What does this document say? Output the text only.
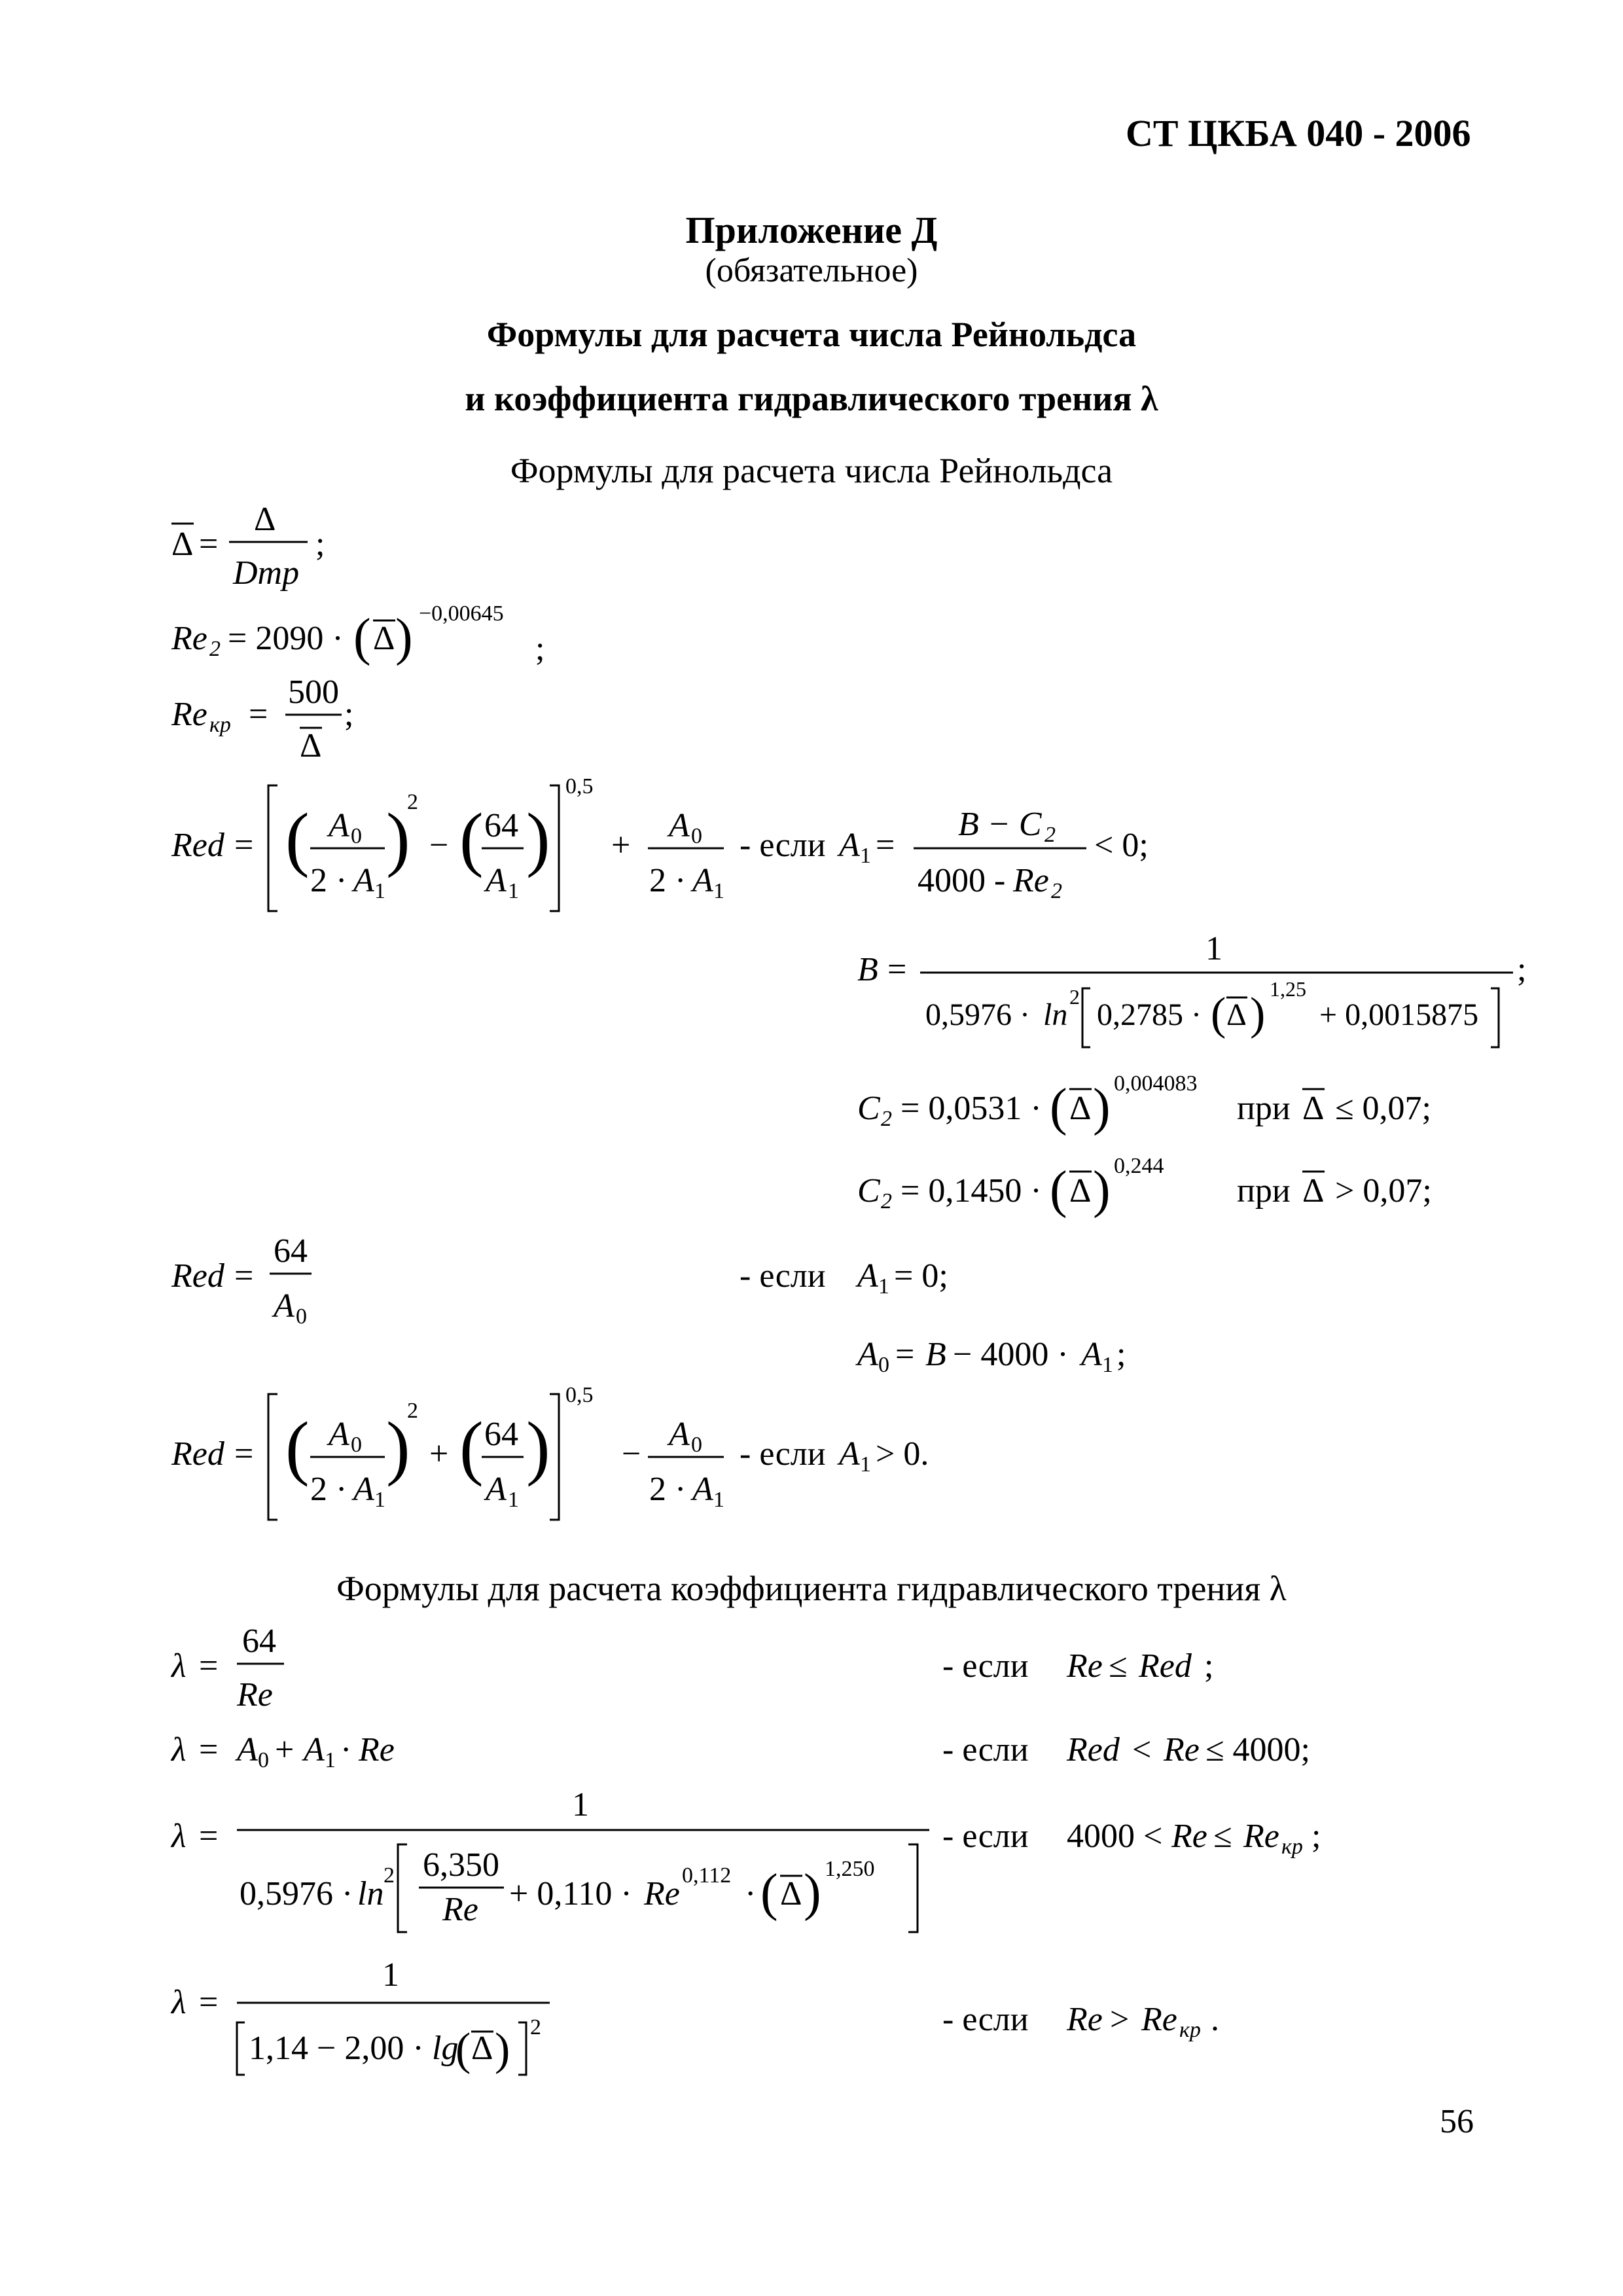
СТ ЦКБА 040 - 2006
Приложение Д
(обязательное)
Формулы для расчета числа Рейнольдса
и коэффициента гидравлического трения λ
Формулы для расчета числа Рейнольдса
Δ =
Δ
Dтр
;
Re 2 = 2090 · ( Δ ) −0,00645
;
Re кр =
500
Δ
;
Red = ( A 0
2 · A 1
)
2
− ( 64
A 1
)
0,5
+
A 0
2 · A 1
- если A 1 =
B − C 2
4000 - Re 2
< 0;
B =
1
0,5976 · ln
2
0,2785 · ( Δ ) 1,25
+ 0,0015875
;
C 2 = 0,0531 · ( Δ ) 0,004083
при Δ ≤ 0,07;
C 2 = 0,1450 · ( Δ ) 0,244
при Δ > 0,07;
Red =
64
A 0
- если A 1 = 0;
A 0 = B − 4000 · A 1 ;
Red = ( A 0
2 · A 1
)
2
+ ( 64
A 1
)
0,5
−
A 0
2 · A 1
- если A 1 > 0.
λ =
64
Re
- если Re ≤ Red ;
λ = A 0 + A 1 · Re	- если Red < Re ≤ 4000;
λ =
1
0,5976 · ln 2 6,350
Re + 0,110 · Re 0,112 · ( Δ ) 1,250
- если 4000 < Re ≤ Re кр ;
λ =
1
1,14 − 2,00 · lg
( Δ ) 2	- если Re > Re кр .
Формулы для расчета коэффициента гидравлического трения λ
56
